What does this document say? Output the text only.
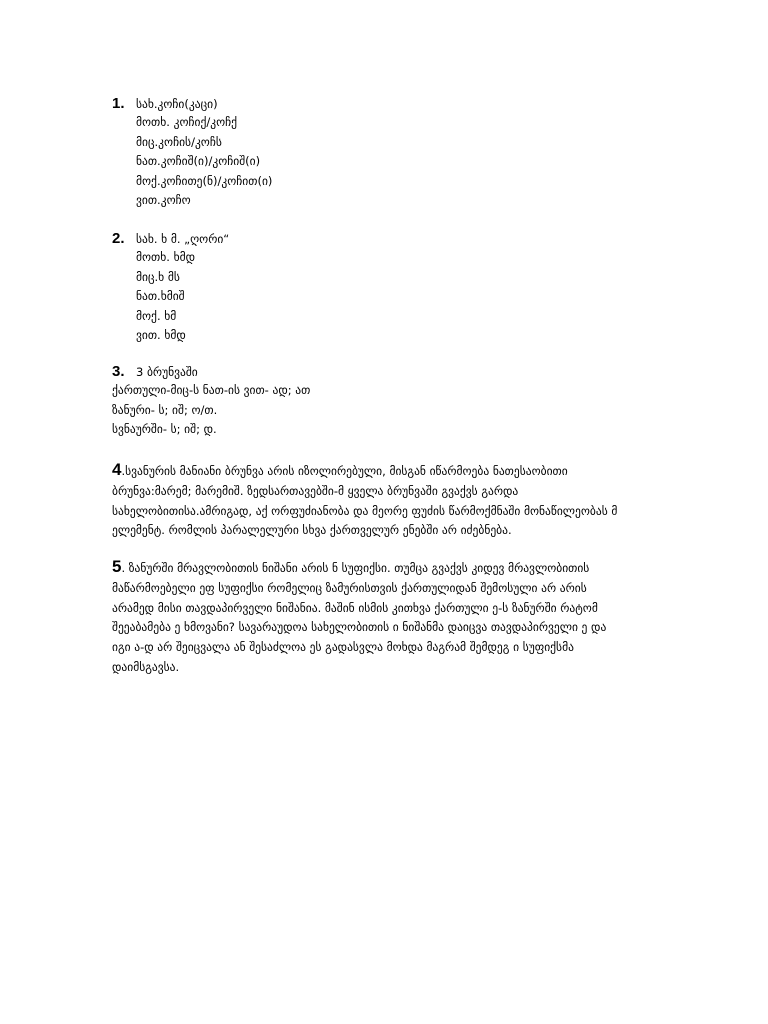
1. სახ.კოჩი(კაცი)
მოთხ. კოჩიქ/კოჩქ
მიც.კოჩის/კოჩს
ნათ.კოჩიშ(ი)/კოჩიშ(ი)
მოქ.კოჩითე(ნ)/კოჩით(ი)
ვით.კოჩო
2. სახ. ხ მ. „ღორი“
მოთხ. ხმდ
მიც.ხ მს
ნათ.ხმიშ
მოქ. ხმ
ვით. ხმდ
3. 3 ბრუნვაში
ქართული-მიც-ს ნათ-ის ვით- ად; ათ
ზანური- ს; იშ; ო/თ.
სვნაურში- ს; იშ; დ.
4.სვანურის მანიანი ბრუნვა არის იზოლირებული, მისგან იწარმოება ნათესაობითი
ბრუნვა:მარემ; მარემიშ. ზედსართავებში-მ ყველა ბრუნვაში გვაქვს გარდა
სახელობითისა.ამრიგად, აქ ორფუძიანობა და მეორე ფუძის წარმოქმნაში მონაწილეობას მ
ელემენტ. რომლის პარალელური სხვა ქართველურ ენებში არ იძებნება.
5. ზანურში მრავლობითის ნიშანი არის ნ სუფიქსი. თუმცა გვაქვს კიდევ მრავლობითის
მაწარმოებელი ეფ სუფიქსი რომელიც ზამურისთვის ქართულიდან შემოსული არ არის
არამედ მისი თავდაპირველი ნიშანია. მაშინ ისმის კითხვა ქართული ე-ს ზანურში რატომ
შეეაბამება ე ხმოვანი? სავარაუდოა სახელობითის ი ნიშანმა დაიცვა თავდაპირველი ე და
იგი ა-დ არ შეიცვალა ან შესაძლოა ეს გადასვლა მოხდა მაგრამ შემდეგ ი სუფიქსმა
დაიმსგავსა.
